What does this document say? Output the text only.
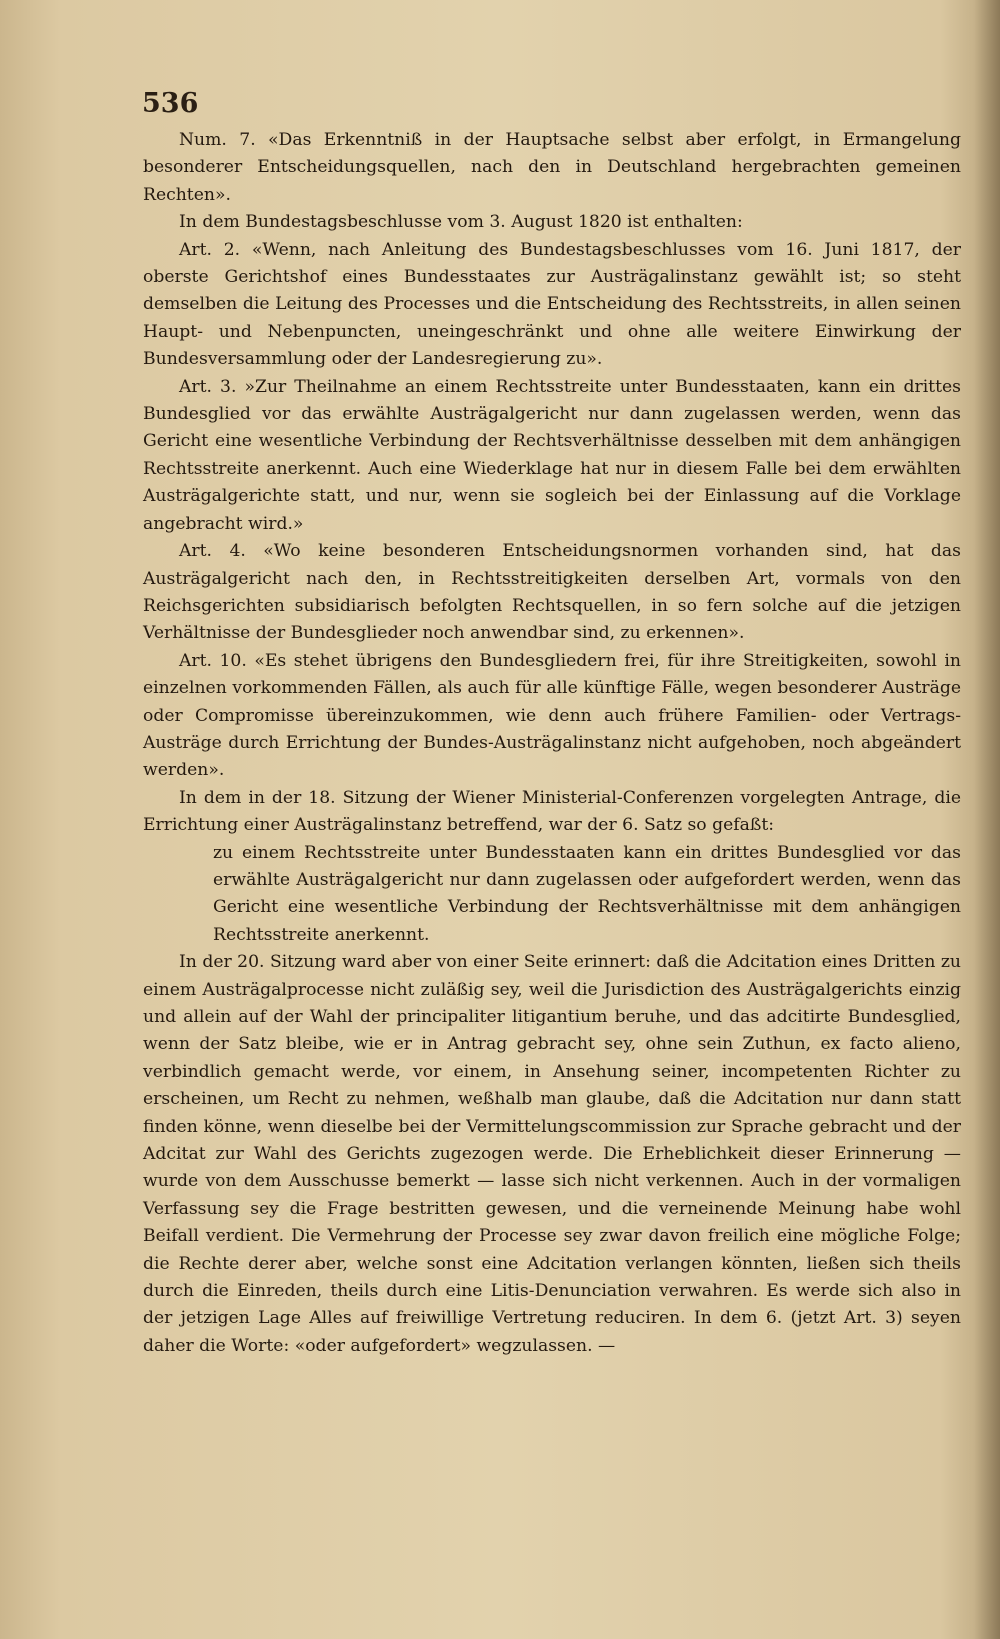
536

Num. 7. «Das Erkenntniß in der Hauptsache selbst aber erfolgt, in Ermangelung besonderer Entscheidungsquellen, nach den in Deutschland hergebrachten gemeinen Rechten».

In dem Bundestagsbeschlusse vom 3. August 1820 ist enthalten:

Art. 2. «Wenn, nach Anleitung des Bundestagsbeschlusses vom 16. Juni 1817, der oberste Gerichtshof eines Bundesstaates zur Austrägalinstanz gewählt ist; so steht demselben die Leitung des Processes und die Entscheidung des Rechtsstreits, in allen seinen Haupt- und Nebenpuncten, uneingeschränkt und ohne alle weitere Einwirkung der Bundesversammlung oder der Landesregierung zu».

Art. 3. »Zur Theilnahme an einem Rechtsstreite unter Bundesstaaten, kann ein drittes Bundesglied vor das erwählte Austrägalgericht nur dann zugelassen werden, wenn das Gericht eine wesentliche Verbindung der Rechtsverhältnisse desselben mit dem anhängigen Rechtsstreite anerkennt. Auch eine Wiederklage hat nur in diesem Falle bei dem erwählten Austrägalgerichte statt, und nur, wenn sie sogleich bei der Einlassung auf die Vorklage angebracht wird.»

Art. 4. «Wo keine besonderen Entscheidungsnormen vorhanden sind, hat das Austrägalgericht nach den, in Rechtsstreitigkeiten derselben Art, vormals von den Reichsgerichten subsidiarisch befolgten Rechtsquellen, in so fern solche auf die jetzigen Verhältnisse der Bundesglieder noch anwendbar sind, zu erkennen».

Art. 10. «Es stehet übrigens den Bundesgliedern frei, für ihre Streitigkeiten, sowohl in einzelnen vorkommenden Fällen, als auch für alle künftige Fälle, wegen besonderer Austräge oder Compromisse übereinzukommen, wie denn auch frühere Familien- oder Vertrags-Austräge durch Errichtung der Bundes-Austrägalinstanz nicht aufgehoben, noch abgeändert werden».

In dem in der 18. Sitzung der Wiener Ministerial-Conferenzen vorgelegten Antrage, die Errichtung einer Austrägalinstanz betreffend, war der 6. Satz so gefaßt:

zu einem Rechtsstreite unter Bundesstaaten kann ein drittes Bundesglied vor das erwählte Austrägalgericht nur dann zugelassen oder aufgefordert werden, wenn das Gericht eine wesentliche Verbindung der Rechtsverhältnisse mit dem anhängigen Rechtsstreite anerkennt.

In der 20. Sitzung ward aber von einer Seite erinnert: daß die Adcitation eines Dritten zu einem Austrägalprocesse nicht zuläßig sey, weil die Jurisdiction des Austrägalgerichts einzig und allein auf der Wahl der principaliter litigantium beruhe, und das adcitirte Bundesglied, wenn der Satz bleibe, wie er in Antrag gebracht sey, ohne sein Zuthun, ex facto alieno, verbindlich gemacht werde, vor einem, in Ansehung seiner, incompetenten Richter zu erscheinen, um Recht zu nehmen, weßhalb man glaube, daß die Adcitation nur dann statt finden könne, wenn dieselbe bei der Vermittelungscommission zur Sprache gebracht und der Adcitat zur Wahl des Gerichts zugezogen werde. Die Erheblichkeit dieser Erinnerung — wurde von dem Ausschusse bemerkt — lasse sich nicht verkennen. Auch in der vormaligen Verfassung sey die Frage bestritten gewesen, und die verneinende Meinung habe wohl Beifall verdient. Die Vermehrung der Processe sey zwar davon freilich eine mögliche Folge; die Rechte derer aber, welche sonst eine Adcitation verlangen könnten, ließen sich theils durch die Einreden, theils durch eine Litis-Denunciation verwahren. Es werde sich also in der jetzigen Lage Alles auf freiwillige Vertretung reduciren. In dem 6. (jetzt Art. 3) seyen daher die Worte: «oder aufgefordert» wegzulassen. —
